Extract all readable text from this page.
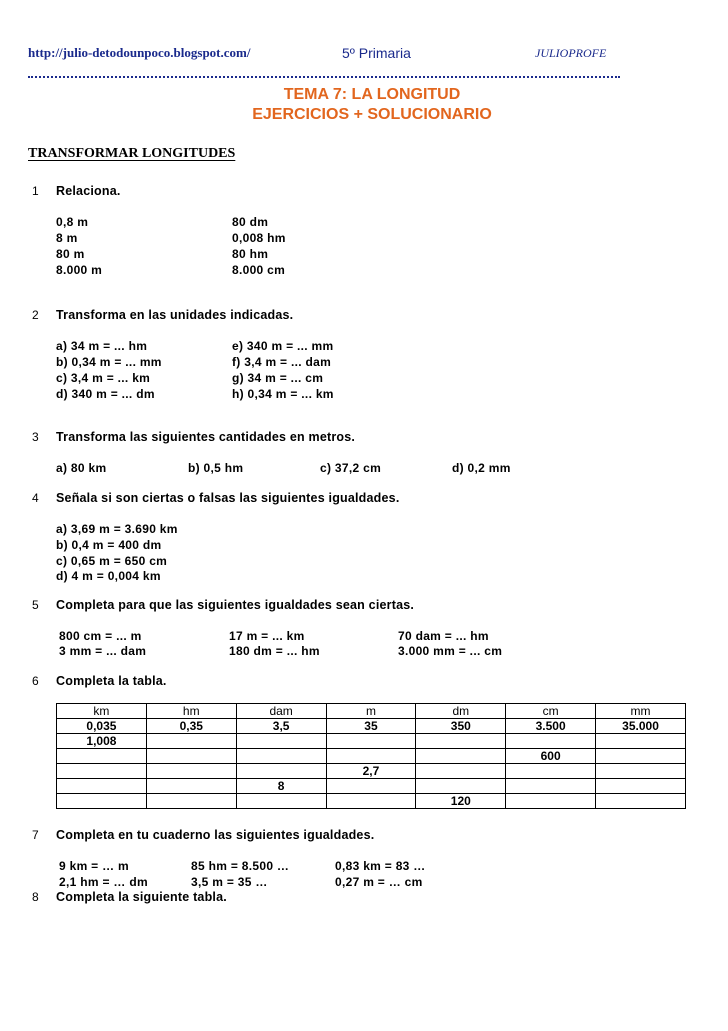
http://julio-detodounpoco.blogspot.com/	5º Primaria	JULIOPROFE
TEMA 7: LA LONGITUD
EJERCICIOS + SOLUCIONARIO
TRANSFORMAR LONGITUDES
1 Relaciona.
0,8 m
8 m
80 m
8.000 m
80 dm
0,008 hm
80 hm
8.000 cm
2 Transforma en las unidades indicadas.
a) 34 m = ... hm
b) 0,34 m = ... mm
c) 3,4 m = ... km
d) 340 m = ... dm
e) 340 m = ... mm
f) 3,4 m = ... dam
g) 34 m = ... cm
h) 0,34 m = ... km
3 Transforma las siguientes cantidades en metros.
a) 80 km	b) 0,5 hm	c) 37,2 cm	d) 0,2 mm
4 Señala si son ciertas o falsas las siguientes igualdades.
a) 3,69 m = 3.690 km
b) 0,4 m = 400 dm
c) 0,65 m = 650 cm
d) 4 m = 0,004 km
5 Completa para que las siguientes igualdades sean ciertas.
800 cm = ... m
3 mm = ... dam
17 m = ... km
180 dm = ... hm
70 dam = ... hm
3.000 mm = ... cm
6 Completa la tabla.
km	hm	dam	m	dm	cm	mm
0,035	0,35	3,5	35	350	3.500	35.000
1,008						
					600	
			2,7			
		8				
				120		
7 Completa en tu cuaderno las siguientes igualdades.
9 km = … m
2,1 hm = … dm
85 hm = 8.500 …
3,5 m = 35 …
0,83 km = 83 …
0,27 m = … cm
8 Completa la siguiente tabla.
